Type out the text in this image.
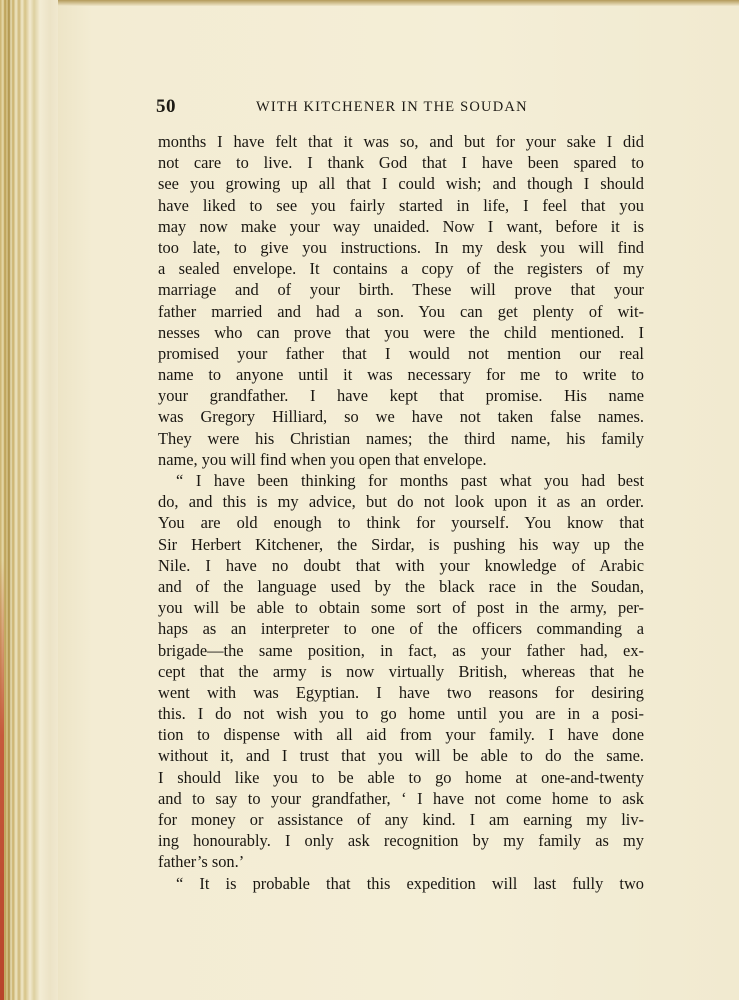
50	WITH KITCHENER IN THE SOUDAN
months I have felt that it was so, and but for your sake I did
not care to live. I thank God that I have been spared to
see you growing up all that I could wish; and though I should
have liked to see you fairly started in life, I feel that you
may now make your way unaided. Now I want, before it is
too late, to give you instructions. In my desk you will find
a sealed envelope. It contains a copy of the registers of my
marriage and of your birth. These will prove that your
father married and had a son. You can get plenty of wit-
nesses who can prove that you were the child mentioned. I
promised your father that I would not mention our real
name to anyone until it was necessary for me to write to
your grandfather. I have kept that promise. His name
was Gregory Hilliard, so we have not taken false names.
They were his Christian names; the third name, his family
name, you will find when you open that envelope.
“ I have been thinking for months past what you had best
do, and this is my advice, but do not look upon it as an order.
You are old enough to think for yourself. You know that
Sir Herbert Kitchener, the Sirdar, is pushing his way up the
Nile. I have no doubt that with your knowledge of Arabic
and of the language used by the black race in the Soudan,
you will be able to obtain some sort of post in the army, per-
haps as an interpreter to one of the officers commanding a
brigade—the same position, in fact, as your father had, ex-
cept that the army is now virtually British, whereas that he
went with was Egyptian. I have two reasons for desiring
this. I do not wish you to go home until you are in a posi-
tion to dispense with all aid from your family. I have done
without it, and I trust that you will be able to do the same.
I should like you to be able to go home at one-and-twenty
and to say to your grandfather, ‘ I have not come home to ask
for money or assistance of any kind. I am earning my liv-
ing honourably. I only ask recognition by my family as my
father’s son.’
“ It is probable that this expedition will last fully two
